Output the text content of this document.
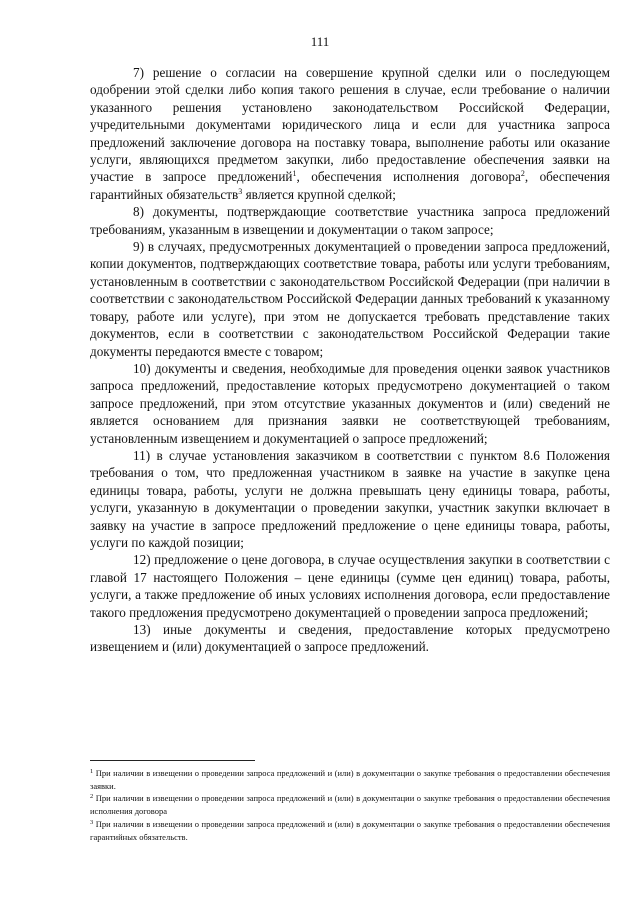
111

7) решение о согласии на совершение крупной сделки или о последующем одобрении этой сделки либо копия такого решения в случае, если требование о наличии указанного решения установлено законодательством Российской Федерации, учредительными документами юридического лица и если для участника запроса предложений заключение договора на поставку товара, выполнение работы или оказание услуги, являющихся предметом закупки, либо предоставление обеспечения заявки на участие в запросе предложений$^1$, обеспечения исполнения договора$^2$, обеспечения гарантийных обязательств$^3$ является крупной сделкой;

8) документы, подтверждающие соответствие участника запроса предложений требованиям, указанным в извещении и документации о таком запросе;

9) в случаях, предусмотренных документацией о проведении запроса предложений, копии документов, подтверждающих соответствие товара, работы или услуги требованиям, установленным в соответствии с законодательством Российской Федерации (при наличии в соответствии с законодательством Российской Федерации данных требований к указанному товару, работе или услуге), при этом не допускается требовать представление таких документов, если в соответствии с законодательством Российской Федерации такие документы передаются вместе с товаром;

10) документы и сведения, необходимые для проведения оценки заявок участников запроса предложений, предоставление которых предусмотрено документацией о таком запросе предложений, при этом отсутствие указанных документов и (или) сведений не является основанием для признания заявки не соответствующей требованиям, установленным извещением и документацией о запросе предложений;

11) в случае установления заказчиком в соответствии с пунктом 8.6 Положения требования о том, что предложенная участником в заявке на участие в закупке цена единицы товара, работы, услуги не должна превышать цену единицы товара, работы, услуги, указанную в документации о проведении закупки, участник закупки включает в заявку на участие в запросе предложений предложение о цене единицы товара, работы, услуги по каждой позиции;

12) предложение о цене договора, в случае осуществления закупки в соответствии с главой 17 настоящего Положения – цене единицы (сумме цен единиц) товара, работы, услуги, а также предложение об иных условиях исполнения договора, если предоставление такого предложения предусмотрено документацией о проведении запроса предложений;

13) иные документы и сведения, предоставление которых предусмотрено извещением и (или) документацией о запросе предложений.

$^1$ При наличии в извещении о проведении запроса предложений и (или) в документации о закупке требования о предоставлении обеспечения заявки.

$^2$ При наличии в извещении о проведении запроса предложений и (или) в документации о закупке требования о предоставлении обеспечения исполнения договора

$^3$ При наличии в извещении о проведении запроса предложений и (или) в документации о закупке требования о предоставлении обеспечения гарантийных обязательств.
